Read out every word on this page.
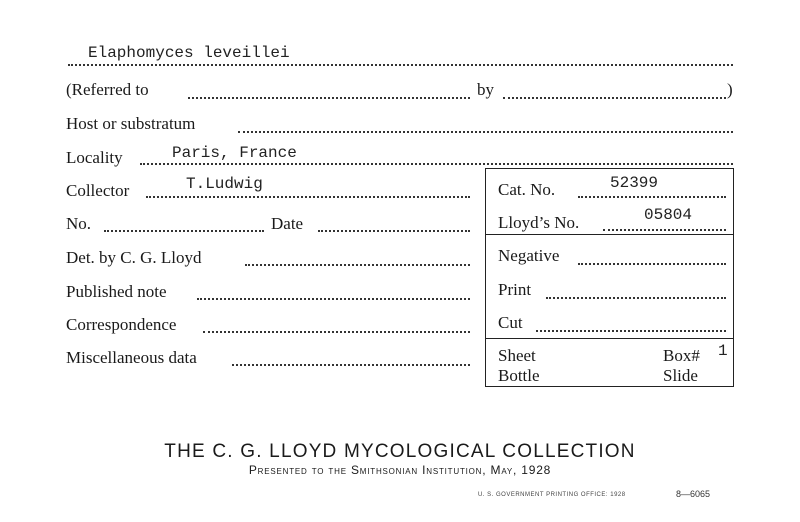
Elaphomyces leveillei
(Referred to	by	)
Host or substratum
Locality	Paris, France
Collector	T.Ludwig	Cat. No.	52399
No.	Date	Lloyd’s No.	05804
Det. by C. G. Lloyd	Negative
Published note	Print
Correspondence	Cut
Miscellaneous data	Sheet	Box# 1
Bottle	Slide
THE C. G. LLOYD MYCOLOGICAL COLLECTION
Presented to the Smithsonian Institution, May, 1928
U. S. GOVERNMENT PRINTING OFFICE: 1928	8—6065
